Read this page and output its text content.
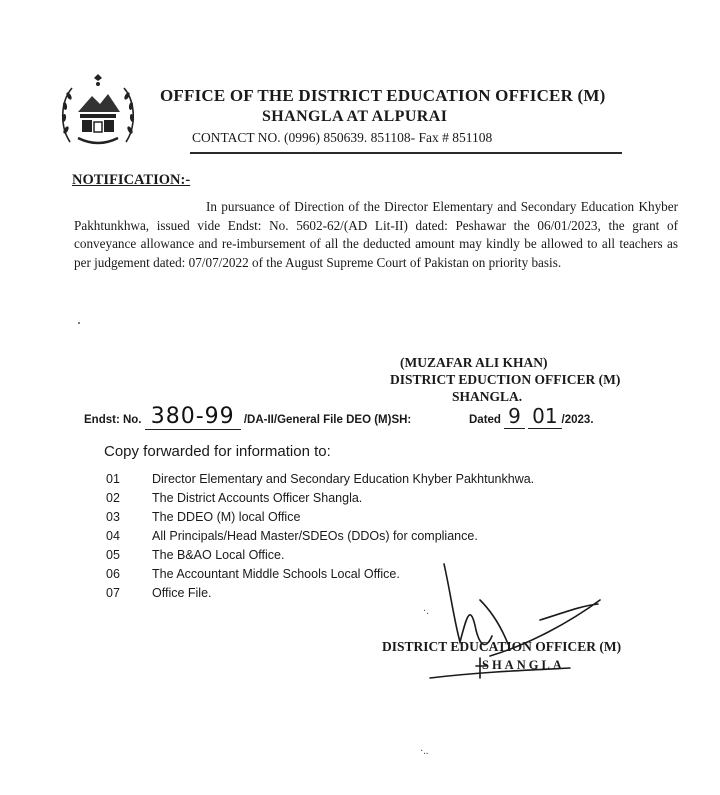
OFFICE OF THE DISTRICT EDUCATION OFFICER (M)
SHANGLA AT ALPURAI
CONTACT NO. (0996) 850639. 851108- Fax # 851108
NOTIFICATION:-
In pursuance of Direction of the Director Elementary and Secondary Education Khyber Pakhtunkhwa, issued vide Endst: No. 5602-62/(AD Lit-II) dated: Peshawar the 06/01/2023, the grant of conveyance allowance and re-imbursement of all the deducted amount may kindly be allowed to all teachers as per judgement dated: 07/07/2022 of the August Supreme Court of Pakistan on priority basis.
(MUZAFAR ALI KHAN)
DISTRICT EDUCTION OFFICER (M)
SHANGLA.
Endst: No. 380-99 /DA-II/General File DEO (M)SH:	Dated 9 01 /2023.
Copy forwarded for information to:
01	Director Elementary and Secondary Education Khyber Pakhtunkhwa.
02	The District Accounts Officer Shangla.
03	The DDEO (M) local Office
04	All Principals/Head Master/SDEOs (DDOs) for compliance.
05	The B&AO Local Office.
06	The Accountant Middle Schools Local Office.
07	Office File.
·.
DISTRICT EDUCATION OFFICER (M)
SHANGLA
·..
